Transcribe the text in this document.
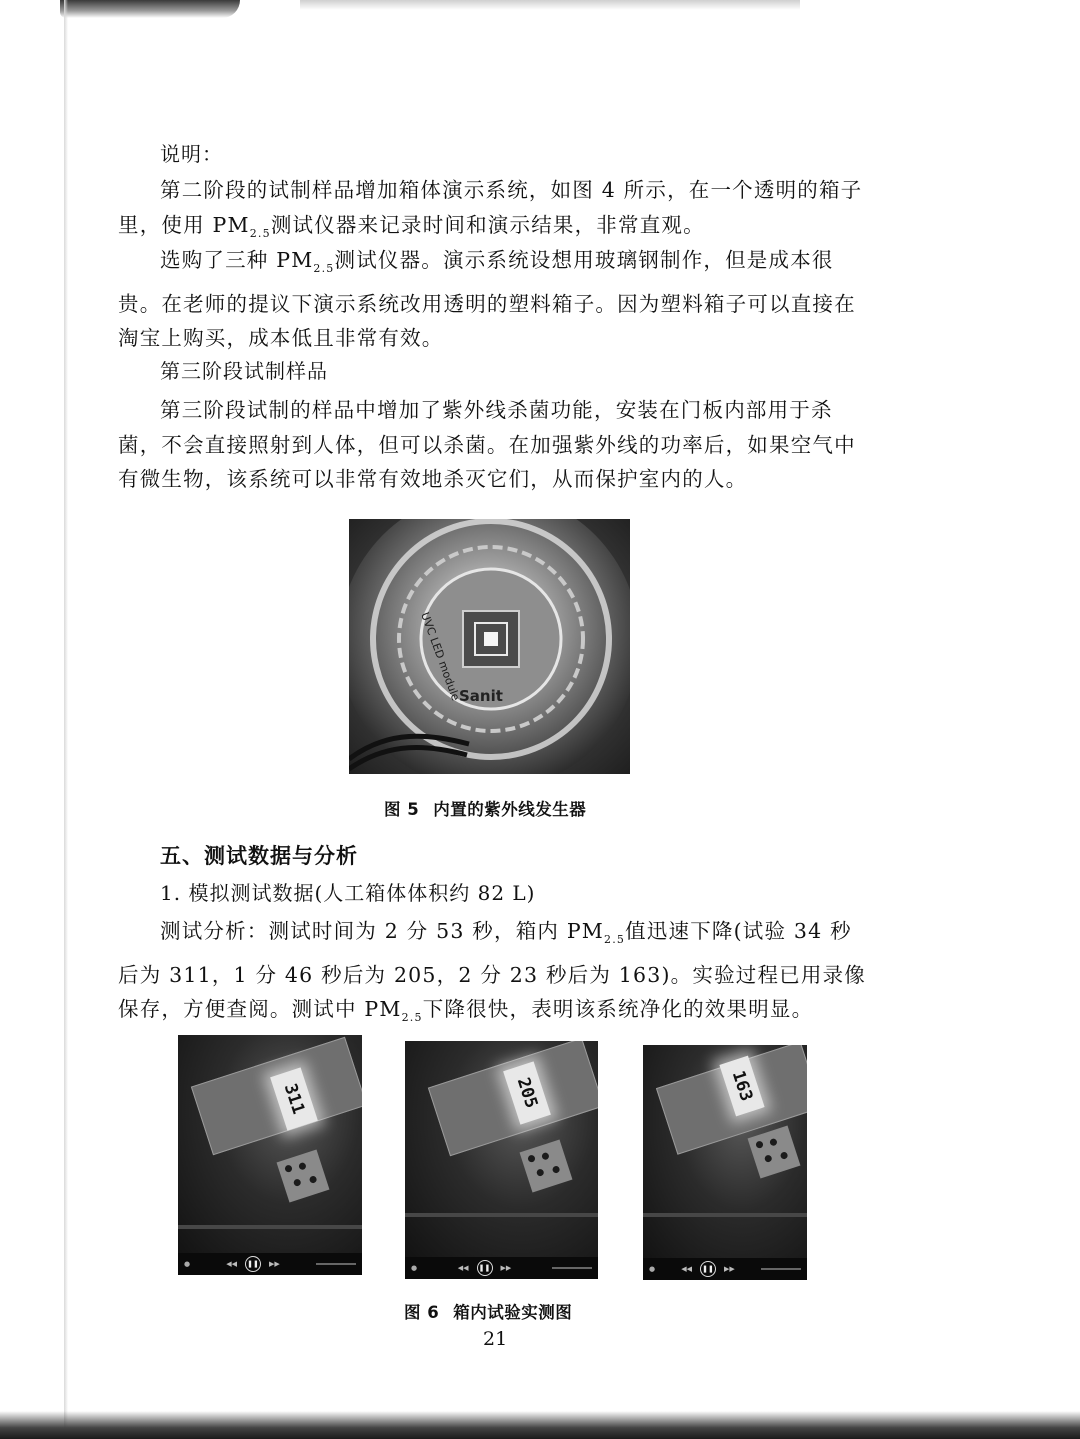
说明：

第二阶段的试制样品增加箱体演示系统，如图 4 所示，在一个透明的箱子里，使用 $PM_{2.5}$测试仪器来记录时间和演示结果，非常直观。

选购了三种 $PM_{2.5}$测试仪器。演示系统设想用玻璃钢制作，但是成本很贵。在老师的提议下演示系统改用透明的塑料箱子。因为塑料箱子可以直接在淘宝上购买，成本低且非常有效。

第三阶段试制样品

第三阶段试制的样品中增加了紫外线杀菌功能，安装在门板内部用于杀菌，不会直接照射到人体，但可以杀菌。在加强紫外线的功率后，如果空气中有微生物，该系统可以非常有效地杀灭它们，从而保护室内的人。

UVC LED module
Sanit
图 5 内置的紫外线发生器

五、测试数据与分析

1. 模拟测试数据(人工箱体体积约 82 L)

测试分析：测试时间为 2 分 53 秒，箱内 $PM_{2.5}$值迅速下降(试验 34 秒后为 311，1 分 46 秒后为 205，2 分 23 秒后为 163)。实验过程已用录像保存，方便查阅。测试中 $PM_{2.5}$下降很快，表明该系统净化的效果明显。

311
●	◀◀	❚❚	▶▶
205
●	◀◀	❚❚	▶▶
163
●	◀◀	❚❚	▶▶
图 6 箱内试验实测图
21
